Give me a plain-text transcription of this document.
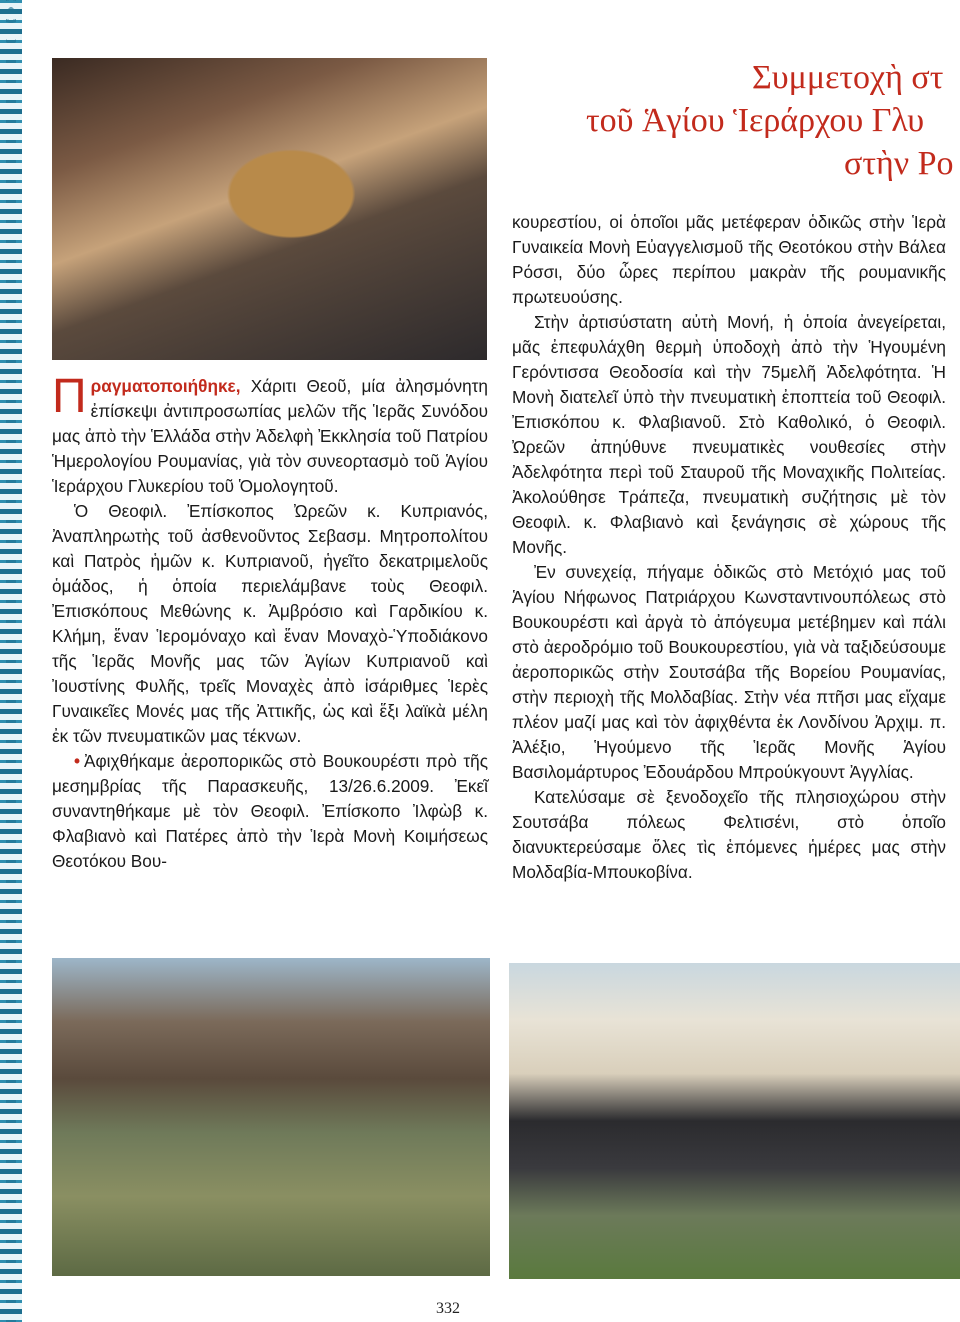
Συμμετοχὴ στ
τοῦ Ἁγίου Ἱεράρχου Γλυ
στὴν Ρο

Πραγματοποιήθηκε, Χάριτι Θεοῦ, μία ἀλησμόνητη ἐπίσκεψι ἀντιπροσωπίας μελῶν τῆς Ἱερᾶς Συνόδου μας ἀπὸ τὴν Ἑλλάδα στὴν Ἀδελφὴ Ἐκκλησία τοῦ Πατρίου Ἡμερολογίου Ρουμανίας, γιὰ τὸν συνεορτασμὸ τοῦ Ἁγίου Ἱεράρχου Γλυκερίου τοῦ Ὁμολογητοῦ.

Ὁ Θεοφιλ. Ἐπίσκοπος Ὠρεῶν κ. Κυπριανός, Ἀναπληρωτὴς τοῦ ἀσθενοῦντος Σεβασμ. Μητροπολίτου καὶ Πατρὸς ἡμῶν κ. Κυπριανοῦ, ἡγεῖτο δεκατριμελοῦς ὁμάδος, ἡ ὁποία περιελάμβανε τοὺς Θεοφιλ. Ἐπισκόπους Μεθώνης κ. Ἀμβρόσιο καὶ Γαρδικίου κ. Κλήμη, ἕναν Ἱερομόναχο καὶ ἕναν Μοναχὸ-Ὑποδιάκονο τῆς Ἱερᾶς Μονῆς μας τῶν Ἁγίων Κυπριανοῦ καὶ Ἰουστίνης Φυλῆς, τρεῖς Μοναχὲς ἀπὸ ἰσάριθμες Ἱερὲς Γυναικεῖες Μονές μας τῆς Ἀττικῆς, ὡς καὶ ἕξι λαϊκὰ μέλη ἐκ τῶν πνευματικῶν μας τέκνων.

• Ἀφιχθήκαμε ἀεροπορικῶς στὸ Βουκουρέστι πρὸ τῆς μεσημβρίας τῆς Παρασκευῆς, 13/26.6.2009. Ἐκεῖ συναντηθήκαμε μὲ τὸν Θεοφιλ. Ἐπίσκοπο Ἰλφὼβ κ. Φλαβιανὸ καὶ Πατέρες ἀπὸ τὴν Ἱερὰ Μονὴ Κοιμήσεως Θεοτόκου Βου-

κουρεστίου, οἱ ὁποῖοι μᾶς μετέφεραν ὁδικῶς στὴν Ἱερὰ Γυναικεία Μονὴ Εὐαγγελισμοῦ τῆς Θεοτόκου στὴν Βάλεα Ρόσσι, δύο ὧρες περίπου μακρὰν τῆς ρουμανικῆς πρωτευούσης.

Στὴν ἀρτισύστατη αὐτὴ Μονή, ἡ ὁποία ἀνεγείρεται, μᾶς ἐπεφυλάχθη θερμὴ ὑποδοχὴ ἀπὸ τὴν Ἡγουμένη Γερόντισσα Θεοδοσία καὶ τὴν 75μελῆ Ἀδελφότητα. Ἡ Μονὴ διατελεῖ ὑπὸ τὴν πνευματικὴ ἐποπτεία τοῦ Θεοφιλ. Ἐπισκόπου κ. Φλαβιανοῦ. Στὸ Καθολικό, ὁ Θεοφιλ. Ὠρεῶν ἀπηύθυνε πνευματικὲς νουθεσίες στὴν Ἀδελφότητα περὶ τοῦ Σταυροῦ τῆς Μοναχικῆς Πολιτείας. Ἀκολούθησε Τράπεζα, πνευματικὴ συζήτησις μὲ τὸν Θεοφιλ. κ. Φλαβιανὸ καὶ ξενάγησις σὲ χώρους τῆς Μονῆς.

Ἐν συνεχείᾳ, πήγαμε ὁδικῶς στὸ Μετόχιό μας τοῦ Ἁγίου Νήφωνος Πατριάρχου Κωνσταντινουπόλεως στὸ Βουκουρέστι καὶ ἀργὰ τὸ ἀπόγευμα μετέβημεν καὶ πάλι στὸ ἀεροδρόμιο τοῦ Βουκουρεστίου, γιὰ νὰ ταξιδεύσουμε ἀεροπορικῶς στὴν Σουτσάβα τῆς Βορείου Ρουμανίας, στὴν περιοχὴ τῆς Μολδαβίας. Στὴν νέα πτῆσι μας εἴχαμε πλέον μαζί μας καὶ τὸν ἀφιχθέντα ἐκ Λονδίνου Ἀρχιμ. π. Ἀλέξιο, Ἡγούμενο τῆς Ἱερᾶς Μονῆς Ἁγίου Βασιλομάρτυρος Ἐδουάρδου Μπρούκγουντ Ἀγγλίας.

Κατελύσαμε σὲ ξενοδοχεῖο τῆς πλησιοχώρου στὴν Σουτσάβα πόλεως Φελτισένι, στὸ ὁποῖο διανυκτερεύσαμε ὅλες τὶς ἑπόμενες ἡμέρες μας στὴν Μολδαβία-Μπουκοβίνα.

332
